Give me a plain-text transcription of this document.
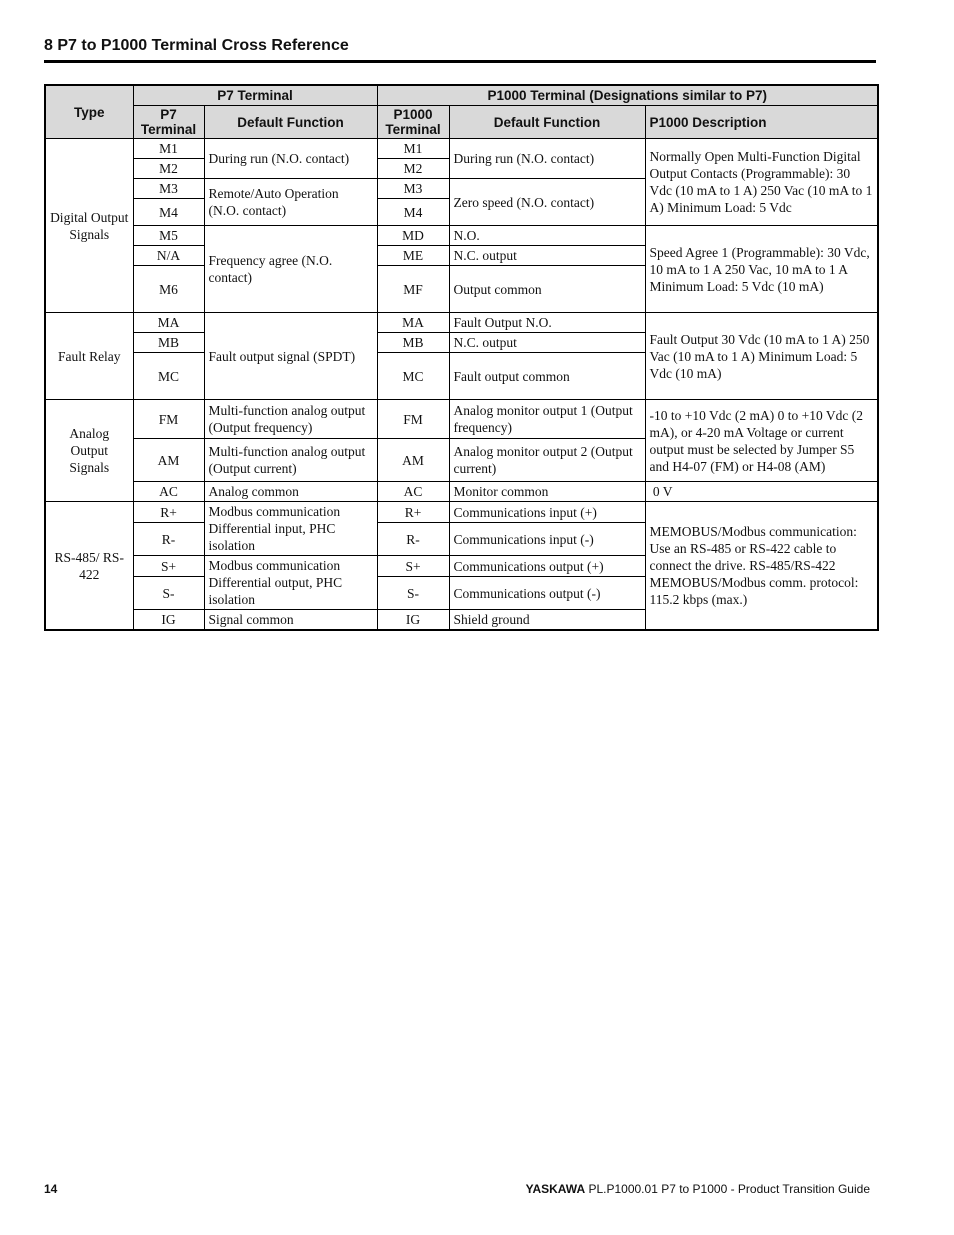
8 P7 to P1000 Terminal Cross Reference
Type	P7 Terminal		P1000 Terminal (Designations similar to P7)		
	P7 Terminal	Default Function	P1000 Terminal	Default Function	P1000 Description
Digital Output Signals	M1	During run (N.O. contact)	M1	During run (N.O. contact)	Normally Open Multi-Function Digital Output Contacts (Programmable): 30 Vdc (10 mA to 1 A) 250 Vac (10 mA to 1 A) Minimum Load: 5 Vdc
	M2		M2		
	M3	Remote/Auto Operation (N.O. contact)	M3	Zero speed (N.O. contact)	
	M4		M4		
	M5	Frequency agree (N.O. contact)	MD	N.O.	Speed Agree 1 (Programmable): 30 Vdc, 10 mA to 1 A 250 Vac, 10 mA to 1 A Minimum Load: 5 Vdc (10 mA)
	N/A		ME	N.C. output	
	M6		MF	Output common	
Fault Relay	MA	Fault output signal (SPDT)	MA	Fault Output N.O.	Fault Output 30 Vdc (10 mA to 1 A) 250 Vac (10 mA to 1 A) Minimum Load: 5 Vdc (10 mA)
	MB		MB	N.C. output	
	MC		MC	Fault output common	
Analog Output Signals	FM	Multi-function analog output (Output frequency)	FM	Analog monitor output 1 (Output frequency)	-10 to +10 Vdc (2 mA) 0 to +10 Vdc (2 mA), or 4-20 mA Voltage or current output must be selected by Jumper S5 and H4-07 (FM) or H4-08 (AM)
	AM	Multi-function analog output (Output current)	AM	Analog monitor output 2 (Output current)	
	AC	Analog common	AC	Monitor common	0 V
RS-485/ RS-422	R+	Modbus communication Differential input, PHC isolation	R+	Communications input (+)	MEMOBUS/Modbus communication: Use an RS-485 or RS-422 cable to connect the drive. RS-485/RS-422 MEMOBUS/Modbus comm. protocol: 115.2 kbps (max.)
	R-		R-	Communications input (-)	
	S+	Modbus communication Differential output, PHC isolation	S+	Communications output (+)	
	S-		S-	Communications output (-)	
	IG	Signal common	IG	Shield ground	
14	YASKAWA PL.P1000.01 P7 to P1000 - Product Transition Guide
